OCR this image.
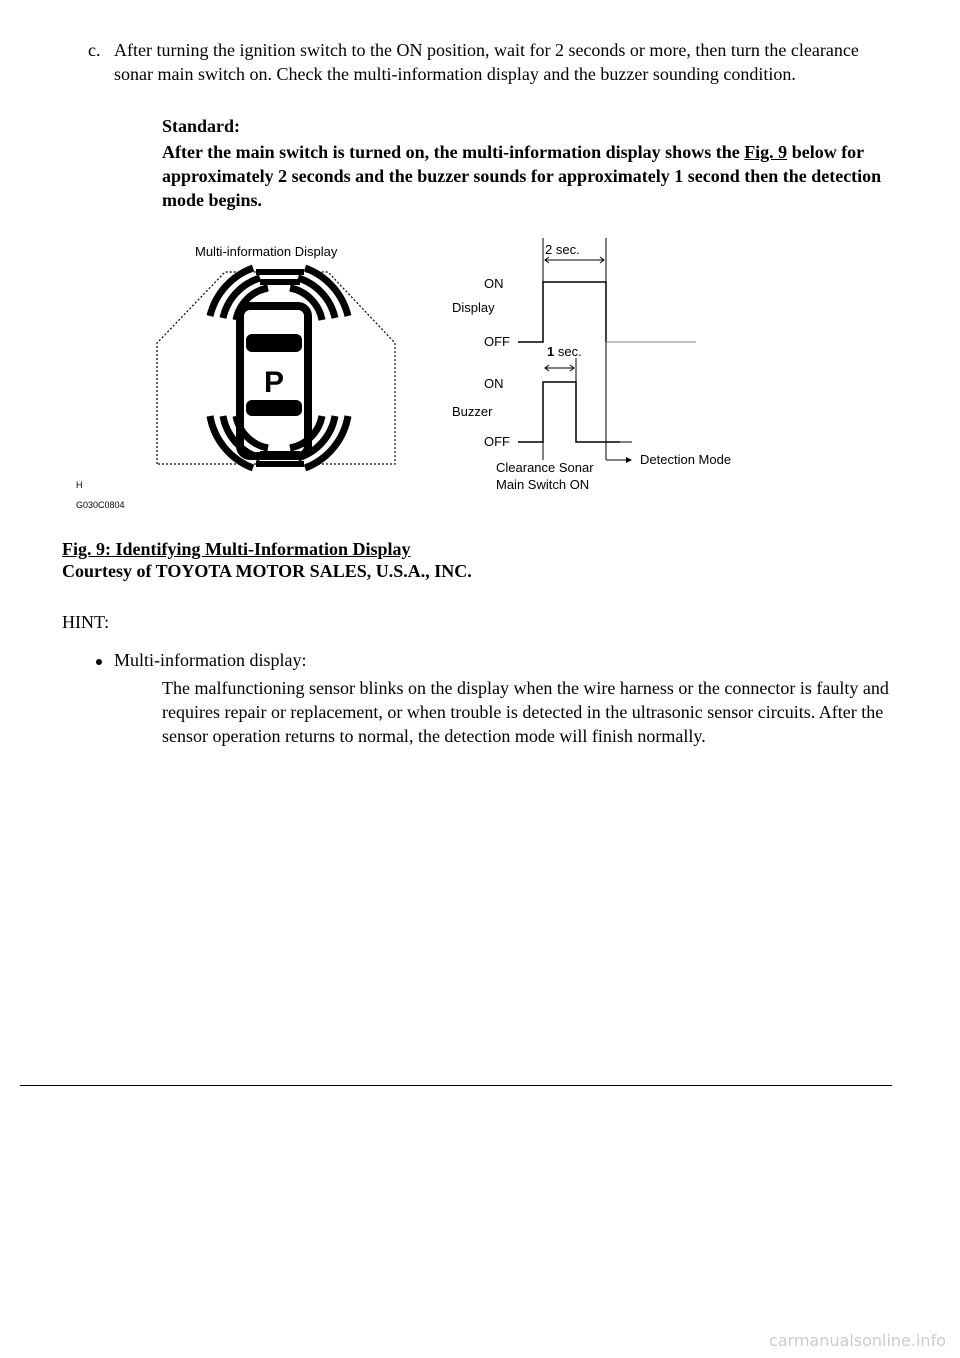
c. After turning the ignition switch to the ON position, wait for 2 seconds or more, then turn the clearance sonar main switch on. Check the multi-information display and the buzzer sounding condition.
Standard:
After the main switch is turned on, the multi-information display shows the Fig. 9 below for approximately 2 seconds and the buzzer sounds for approximately 1 second then the detection mode begins.
Multi-information Display
P
2 sec.
ON
Display
OFF
1 sec.
ON
Buzzer
OFF
Clearance Sonar
Main Switch ON
Detection Mode
H
G030C0804
Fig. 9: Identifying Multi-Information Display
Courtesy of TOYOTA MOTOR SALES, U.S.A., INC.
HINT:
Multi-information display:
The malfunctioning sensor blinks on the display when the wire harness or the connector is faulty and requires repair or replacement, or when trouble is detected in the ultrasonic sensor circuits. After the sensor operation returns to normal, the detection mode will finish normally.
carmanualsonline.info
